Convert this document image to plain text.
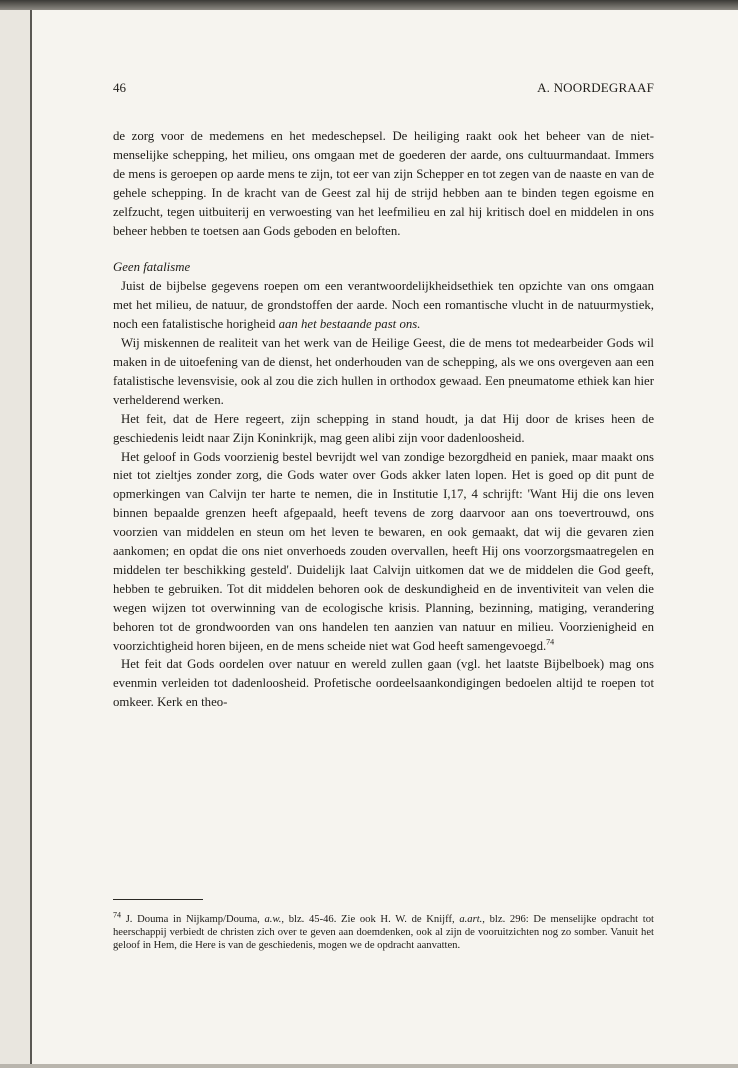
46	A. NOORDEGRAAF

de zorg voor de medemens en het medeschepsel. De heiliging raakt ook het beheer van de niet-menselijke schepping, het milieu, ons omgaan met de goederen der aarde, ons cultuurmandaat. Immers de mens is geroepen op aarde mens te zijn, tot eer van zijn Schepper en tot zegen van de naaste en van de gehele schepping. In de kracht van de Geest zal hij de strijd hebben aan te binden tegen egoisme en zelfzucht, tegen uitbuiterij en verwoesting van het leefmilieu en zal hij kritisch doel en middelen in ons beheer hebben te toetsen aan Gods geboden en beloften.

Geen fatalisme

Juist de bijbelse gegevens roepen om een verantwoordelijkheidsethiek ten opzichte van ons omgaan met het milieu, de natuur, de grondstoffen der aarde. Noch een romantische vlucht in de natuurmystiek, noch een fatalistische horigheid aan het bestaande past ons.

Wij miskennen de realiteit van het werk van de Heilige Geest, die de mens tot medearbeider Gods wil maken in de uitoefening van de dienst, het onderhouden van de schepping, als we ons overgeven aan een fatalistische levensvisie, ook al zou die zich hullen in orthodox gewaad. Een pneumatome ethiek kan hier verhelderend werken.

Het feit, dat de Here regeert, zijn schepping in stand houdt, ja dat Hij door de krises heen de geschiedenis leidt naar Zijn Koninkrijk, mag geen alibi zijn voor dadenloosheid.

Het geloof in Gods voorzienig bestel bevrijdt wel van zondige bezorgdheid en paniek, maar maakt ons niet tot zieltjes zonder zorg, die Gods water over Gods akker laten lopen. Het is goed op dit punt de opmerkingen van Calvijn ter harte te nemen, die in Institutie I,17, 4 schrijft: 'Want Hij die ons leven binnen bepaalde grenzen heeft afgepaald, heeft tevens de zorg daarvoor aan ons toevertrouwd, ons voorzien van middelen en steun om het leven te bewaren, en ook gemaakt, dat wij die gevaren zien aankomen; en opdat die ons niet onverhoeds zouden overvallen, heeft Hij ons voorzorgsmaatregelen en middelen ter beschikking gesteld'. Duidelijk laat Calvijn uitkomen dat we de middelen die God geeft, hebben te gebruiken. Tot dit middelen behoren ook de deskundigheid en de inventiviteit van velen die wegen wijzen tot overwinning van de ecologische krisis. Planning, bezinning, matiging, verandering behoren tot de grondwoorden van ons handelen ten aanzien van natuur en milieu. Voorzienigheid en voorzichtigheid horen bijeen, en de mens scheide niet wat God heeft samengevoegd.$^{74}$

Het feit dat Gods oordelen over natuur en wereld zullen gaan (vgl. het laatste Bijbelboek) mag ons evenmin verleiden tot dadenloosheid. Profetische oordeelsaankondigingen bedoelen altijd te roepen tot omkeer. Kerk en theo-

$^{74}$ J. Douma in Nijkamp/Douma, a.w., blz. 45-46. Zie ook H. W. de Knijff, a.art., blz. 296: De menselijke opdracht tot heerschappij verbiedt de christen zich over te geven aan doemdenken, ook al zijn de vooruitzichten nog zo somber. Vanuit het geloof in Hem, die Here is van de geschiedenis, mogen we de opdracht aanvatten.
